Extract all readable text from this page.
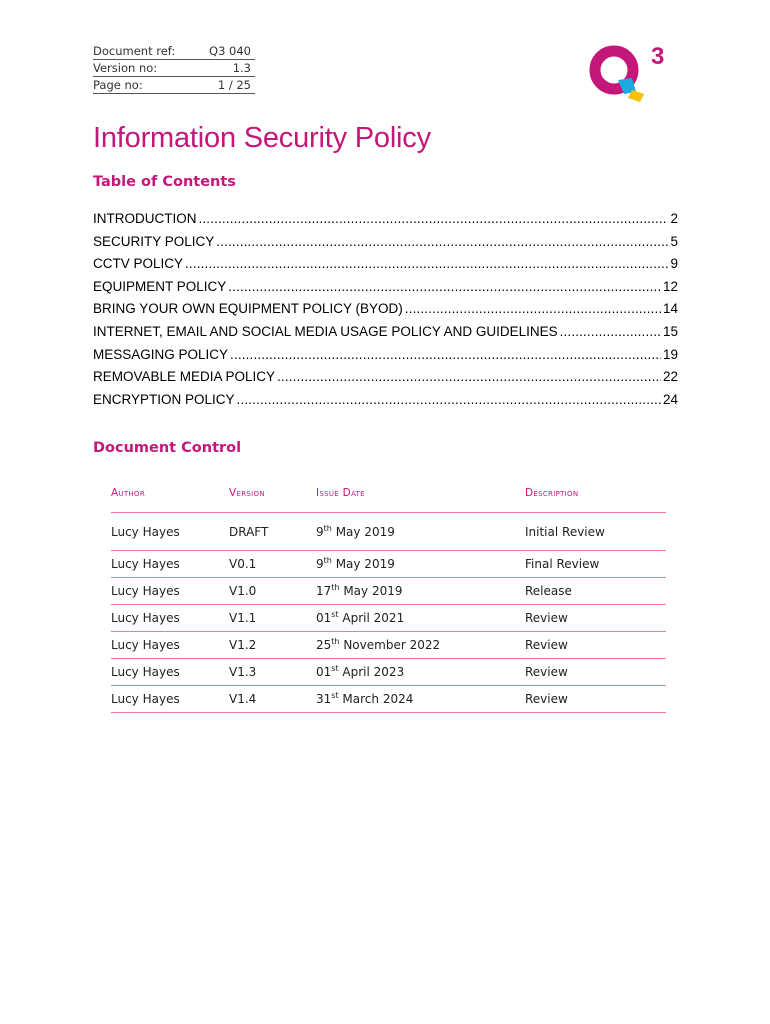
Document ref:	Q3 040
Version no:	1.3
Page no:	1 / 25
3
Information Security Policy
Table of Contents
INTRODUCTION . . .	2
SECURITY POLICY . . .	5
CCTV POLICY . . .	9
EQUIPMENT POLICY . . .	12
BRING YOUR OWN EQUIPMENT POLICY (BYOD) . . .	14
INTERNET, EMAIL AND SOCIAL MEDIA USAGE POLICY AND GUIDELINES . . .	15
MESSAGING POLICY . . .	19
REMOVABLE MEDIA POLICY . . .	22
ENCRYPTION POLICY . . .	24
Document Control
Author	Version	Issue Date	Description
Lucy Hayes	DRAFT	9th May 2019	Initial Review
Lucy Hayes	V0.1	9th May 2019	Final Review
Lucy Hayes	V1.0	17th May 2019	Release
Lucy Hayes	V1.1	01st April 2021	Review
Lucy Hayes	V1.2	25th November 2022	Review
Lucy Hayes	V1.3	01st April 2023	Review
Lucy Hayes	V1.4	31st March 2024	Review
